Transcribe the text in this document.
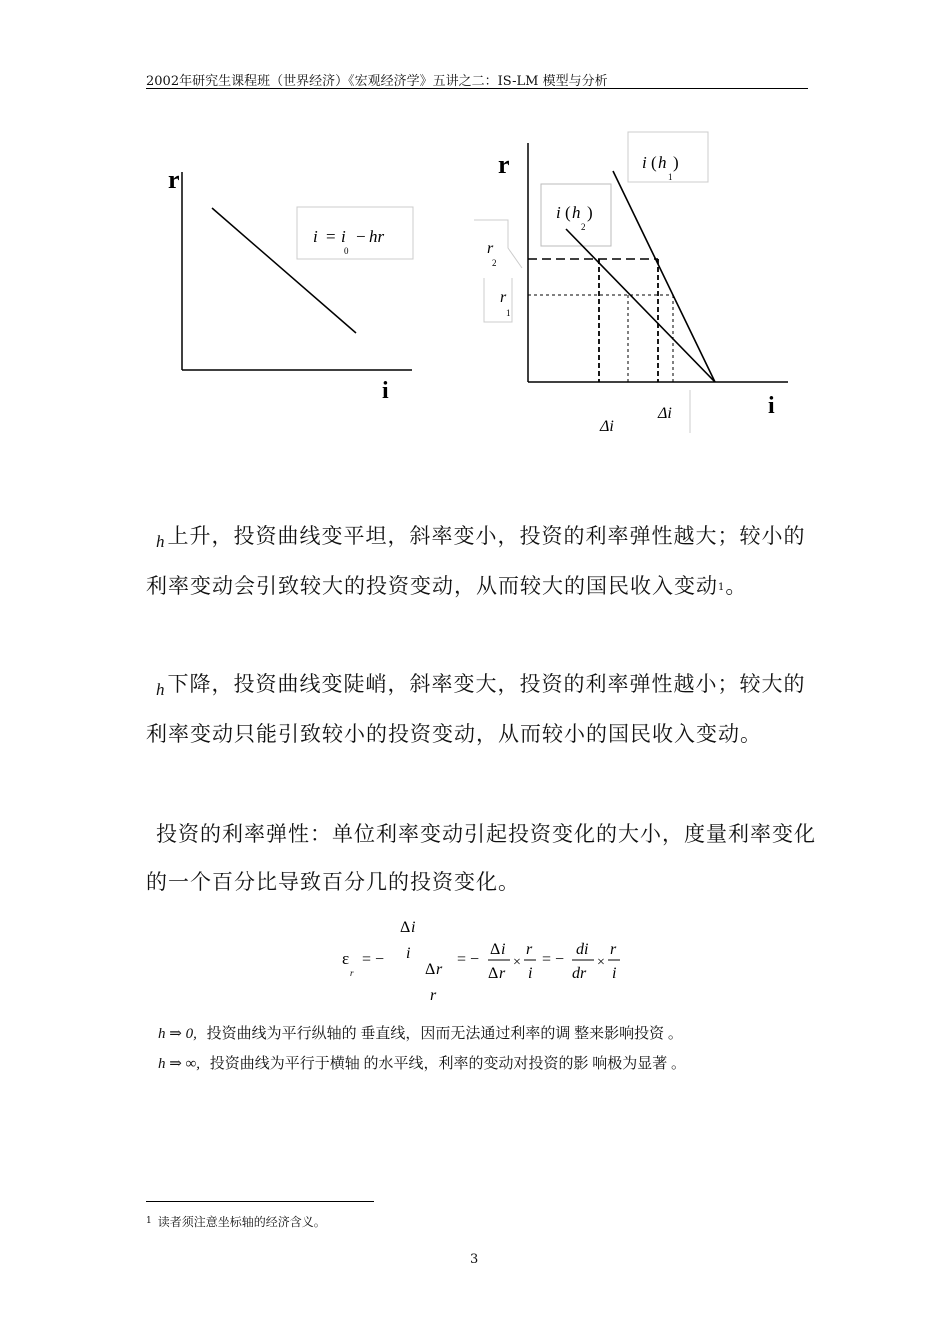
2002年研究生课程班（世界经济）《宏观经济学》五讲之二：IS-LM 模型与分析
r
i
i = i
0
− hr
r
i
i ( h
1
)
i ( h
2
)
r
2
r
1
Δi
Δi
h上升，投资曲线变平坦，斜率变小，投资的利率弹性越大；较小的利率变动会引致较大的投资变动，从而较大的国民收入变动$^1$。
h下降，投资曲线变陡峭，斜率变大，投资的利率弹性越小；较大的利率变动只能引致较小的投资变动，从而较小的国民收入变动。
投资的利率弹性：单位利率变动引起投资变化的大小，度量利率变化的一个百分比导致百分几的投资变化。
ε
r
= −
Δ i
i
Δ r
r
= −
Δ i
Δ r
×
r
i
= −
di
dr
×
r
i
h ⇒ 0, 投资曲线为平行纵轴的 垂直线，因而无法通过利率的调 整来影响投资 。
h ⇒ ∞, 投资曲线为平行于横轴 的水平线，利率的变动对投资的影 响极为显著 。
$^1$ 读者须注意坐标轴的经济含义。
3
